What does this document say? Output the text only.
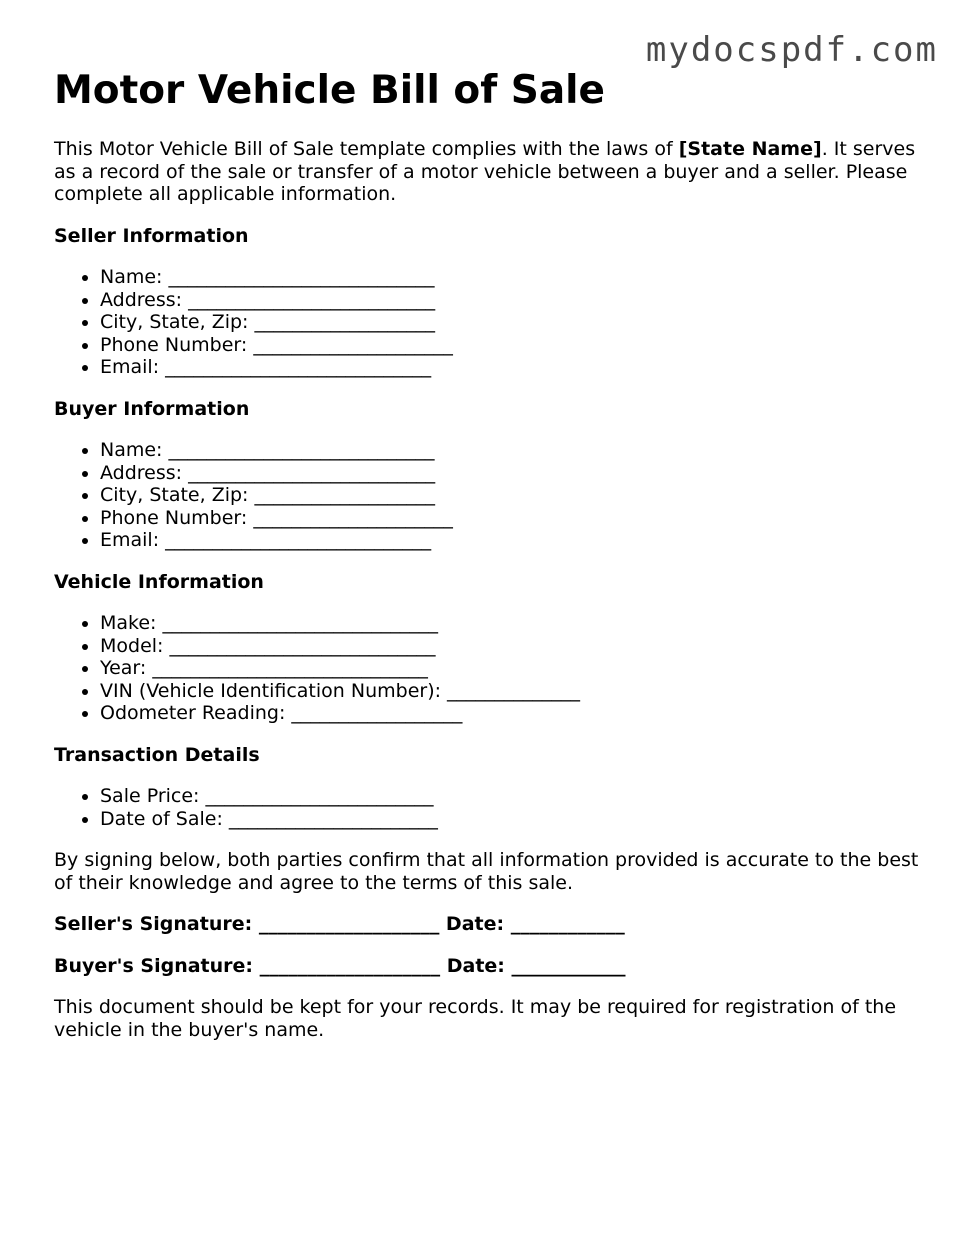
mydocspdf.com
Motor Vehicle Bill of Sale

This Motor Vehicle Bill of Sale template complies with the laws of [State Name]. It serves as a record of the sale or transfer of a motor vehicle between a buyer and a seller. Please complete all applicable information.

Seller Information
• Name: ____________________________
• Address: __________________________
• City, State, Zip: ___________________
• Phone Number: _____________________
• Email: ____________________________
Buyer Information
• Name: ____________________________
• Address: __________________________
• City, State, Zip: ___________________
• Phone Number: _____________________
• Email: ____________________________
Vehicle Information
• Make: _____________________________
• Model: ____________________________
• Year: _____________________________
• VIN (Vehicle Identification Number): ______________
• Odometer Reading: __________________
Transaction Details
• Sale Price: ________________________
• Date of Sale: ______________________

By signing below, both parties confirm that all information provided is accurate to the best of their knowledge and agree to the terms of this sale.

Seller's Signature: ___________________ Date: ____________
Buyer's Signature: ___________________ Date: ____________

This document should be kept for your records. It may be required for registration of the vehicle in the buyer's name.
